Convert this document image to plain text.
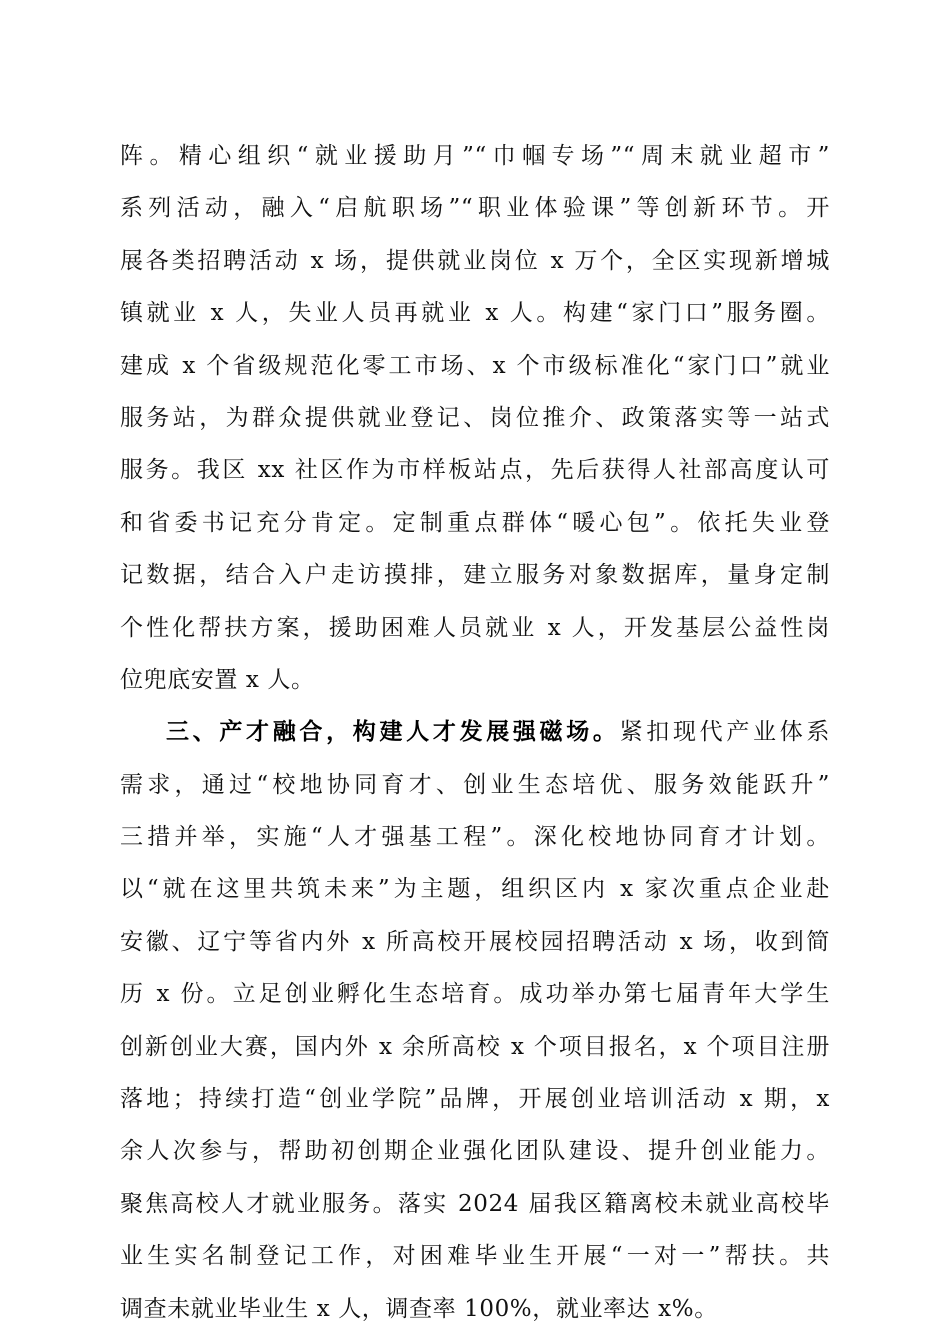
阵。精心组织“就业援助月”“巾帼专场”“周末就业超市”
系列活动，融入“启航职场”“职业体验课”等创新环节。开
展各类招聘活动 x 场，提供就业岗位 x 万个，全区实现新增城
镇就业 x 人，失业人员再就业 x 人。构建“家门口”服务圈。
建成 x 个省级规范化零工市场、x 个市级标准化“家门口”就业
服务站，为群众提供就业登记、岗位推介、政策落实等一站式
服务。我区 xx 社区作为市样板站点，先后获得人社部高度认可
和省委书记充分肯定。定制重点群体“暖心包”。依托失业登
记数据，结合入户走访摸排，建立服务对象数据库，量身定制
个性化帮扶方案，援助困难人员就业 x 人，开发基层公益性岗
位兜底安置 x 人。
三、产才融合，构建人才发展强磁场。紧扣现代产业体系
需求，通过“校地协同育才、创业生态培优、服务效能跃升”
三措并举，实施“人才强基工程”。深化校地协同育才计划。
以“就在这里共筑未来”为主题，组织区内 x 家次重点企业赴
安徽、辽宁等省内外 x 所高校开展校园招聘活动 x 场，收到简
历 x 份。立足创业孵化生态培育。成功举办第七届青年大学生
创新创业大赛，国内外 x 余所高校 x 个项目报名，x 个项目注册
落地；持续打造“创业学院”品牌，开展创业培训活动 x 期，x
余人次参与，帮助初创期企业强化团队建设、提升创业能力。
聚焦高校人才就业服务。落实 2024 届我区籍离校未就业高校毕
业生实名制登记工作，对困难毕业生开展“一对一”帮扶。共
调查未就业毕业生 x 人，调查率 100%，就业率达 x%。
